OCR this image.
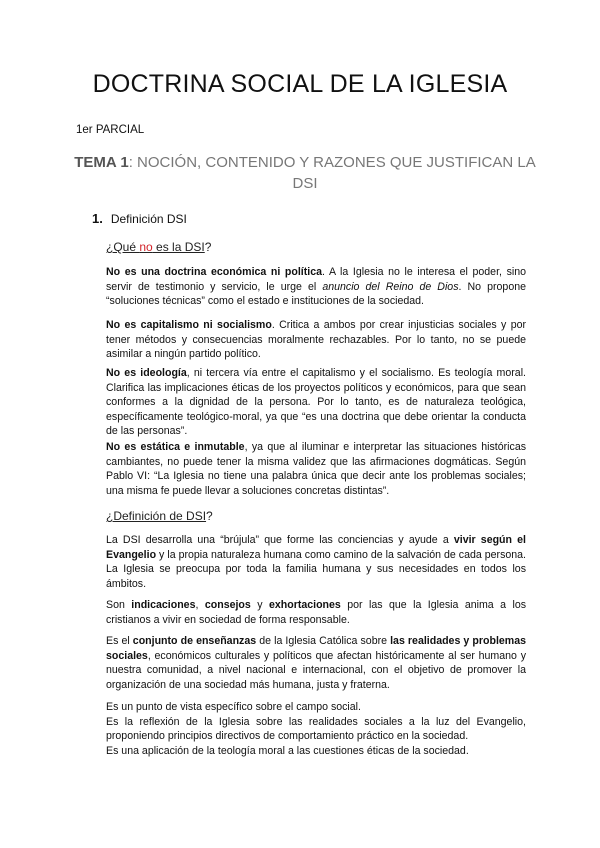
DOCTRINA SOCIAL DE LA IGLESIA
1er PARCIAL
TEMA 1: NOCIÓN, CONTENIDO Y RAZONES QUE JUSTIFICAN LA DSI
1. Definición DSI
¿Qué no es la DSI?
No es una doctrina económica ni política. A la Iglesia no le interesa el poder, sino servir de testimonio y servicio, le urge el anuncio del Reino de Dios. No propone “soluciones técnicas” como el estado e instituciones de la sociedad.
No es capitalismo ni socialismo. Critica a ambos por crear injusticias sociales y por tener métodos y consecuencias moralmente rechazables. Por lo tanto, no se puede asimilar a ningún partido político.
No es ideología, ni tercera vía entre el capitalismo y el socialismo. Es teología moral. Clarifica las implicaciones éticas de los proyectos políticos y económicos, para que sean conformes a la dignidad de la persona. Por lo tanto, es de naturaleza teológica, específicamente teológico-moral, ya que “es una doctrina que debe orientar la conducta de las personas”.
No es estática e inmutable, ya que al iluminar e interpretar las situaciones históricas cambiantes, no puede tener la misma validez que las afirmaciones dogmáticas. Según Pablo VI: “La Iglesia no tiene una palabra única que decir ante los problemas sociales; una misma fe puede llevar a soluciones concretas distintas”.
¿Definición de DSI?
La DSI desarrolla una “brújula” que forme las conciencias y ayude a vivir según el Evangelio y la propia naturaleza humana como camino de la salvación de cada persona. La Iglesia se preocupa por toda la familia humana y sus necesidades en todos los ámbitos.
Son indicaciones, consejos y exhortaciones por las que la Iglesia anima a los cristianos a vivir en sociedad de forma responsable.
Es el conjunto de enseñanzas de la Iglesia Católica sobre las realidades y problemas sociales, económicos culturales y políticos que afectan históricamente al ser humano y nuestra comunidad, a nivel nacional e internacional, con el objetivo de promover la organización de una sociedad más humana, justa y fraterna.
Es un punto de vista específico sobre el campo social.
Es la reflexión de la Iglesia sobre las realidades sociales a la luz del Evangelio, proponiendo principios directivos de comportamiento práctico en la sociedad.
Es una aplicación de la teología moral a las cuestiones éticas de la sociedad.
